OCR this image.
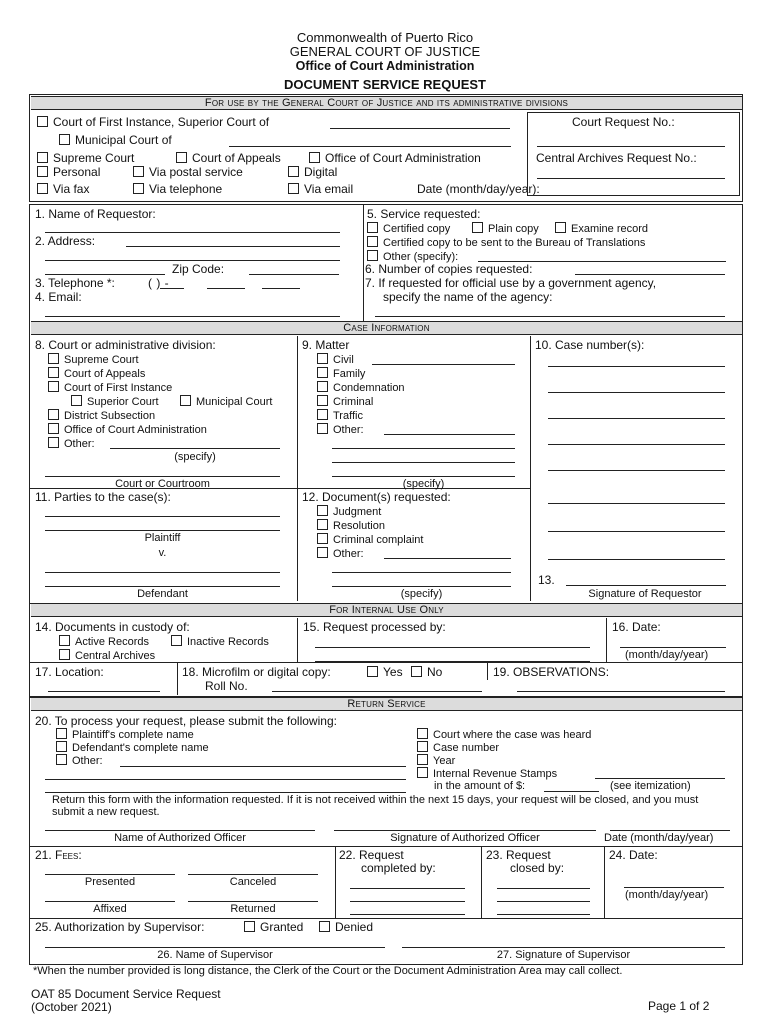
Commonwealth of Puerto Rico
GENERAL COURT OF JUSTICE
Office of Court Administration
DOCUMENT SERVICE REQUEST
For use by the General Court of Justice and its administrative divisions
Court of First Instance, Superior Court of
Municipal Court of
Supreme Court	Court of Appeals	Office of Court Administration
Personal	Via postal service	Digital
Via fax	Via telephone	Via email	Date (month/day/year):
Court Request No.:
Central Archives Request No.:
1. Name of Requestor:
2. Address:
Zip Code:
3. Telephone *:	( ) -
4. Email:
5. Service requested:
Certified copy	Plain copy	Examine record
Certified copy to be sent to the Bureau of Translations
Other (specify):
6. Number of copies requested:
7. If requested for official use by a government agency,
specify the name of the agency:
Case Information
8. Court or administrative division:
Supreme Court
Court of Appeals
Court of First Instance
Superior Court	Municipal Court
District Subsection
Office of Court Administration
Other:
(specify)
Court or Courtroom
9. Matter
Civil
Family
Condemnation
Criminal
Traffic
Other:
(specify)
10. Case number(s):
11. Parties to the case(s):
Plaintiff
v.
Defendant
12. Document(s) requested:
Judgment
Resolution
Criminal complaint
Other:
(specify)
13.
Signature of Requestor
For Internal Use Only
14. Documents in custody of:
Active Records	Inactive Records
Central Archives
15. Request processed by:	16. Date:
(month/day/year)
17. Location:	18. Microfilm or digital copy:	Yes	No
Roll No.
19. OBSERVATIONS:
Return Service
20. To process your request, please submit the following:
Plaintiff's complete name
Defendant's complete name
Other:
Court where the case was heard
Case number
Year
Internal Revenue Stamps
in the amount of $:	(see itemization)
Return this form with the information requested. If it is not received within the next 15 days, your request will be closed, and you must submit a new request.
Name of Authorized Officer	Signature of Authorized Officer	Date (month/day/year)
21. Fees:
Presented	Canceled
Affixed	Returned
22. Request
completed by:
23. Request
closed by:
24. Date:
(month/day/year)
25. Authorization by Supervisor:	Granted	Denied
26. Name of Supervisor	27. Signature of Supervisor
*When the number provided is long distance, the Clerk of the Court or the Document Administration Area may call collect.
OAT 85 Document Service Request
(October 2021)	Page 1 of 2
